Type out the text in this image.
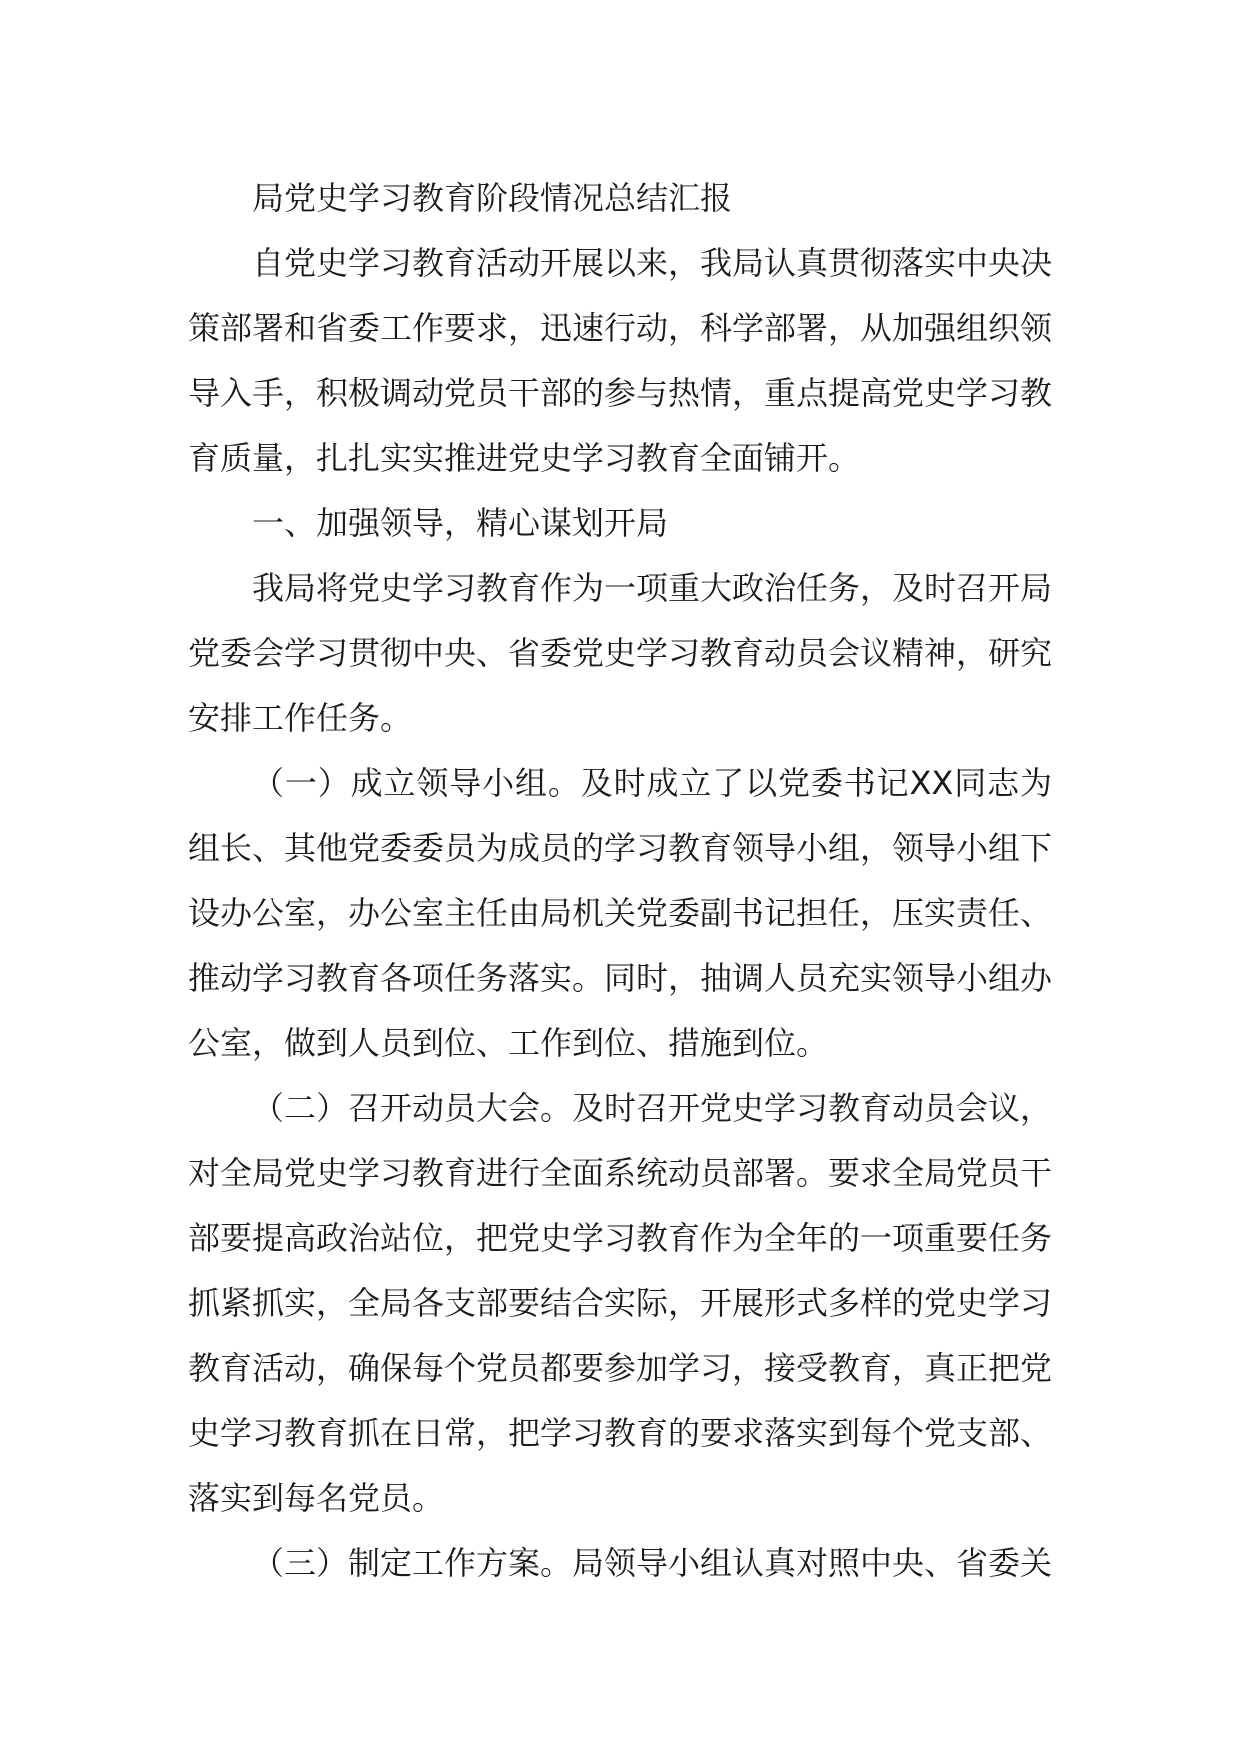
局党史学习教育阶段情况总结汇报

自党史学习教育活动开展以来，我局认真贯彻落实中央决策部署和省委工作要求，迅速行动，科学部署，从加强组织领导入手，积极调动党员干部的参与热情，重点提高党史学习教育质量，扎扎实实推进党史学习教育全面铺开。

一、加强领导，精心谋划开局

我局将党史学习教育作为一项重大政治任务，及时召开局党委会学习贯彻中央、省委党史学习教育动员会议精神，研究安排工作任务。

（一）成立领导小组。及时成立了以党委书记XX同志为组长、其他党委委员为成员的学习教育领导小组，领导小组下设办公室，办公室主任由局机关党委副书记担任，压实责任、推动学习教育各项任务落实。同时，抽调人员充实领导小组办公室，做到人员到位、工作到位、措施到位。

（二）召开动员大会。及时召开党史学习教育动员会议，对全局党史学习教育进行全面系统动员部署。要求全局党员干部要提高政治站位，把党史学习教育作为全年的一项重要任务抓紧抓实，全局各支部要结合实际，开展形式多样的党史学习教育活动，确保每个党员都要参加学习，接受教育，真正把党史学习教育抓在日常，把学习教育的要求落实到每个党支部、落实到每名党员。

（三）制定工作方案。局领导小组认真对照中央、省委关
